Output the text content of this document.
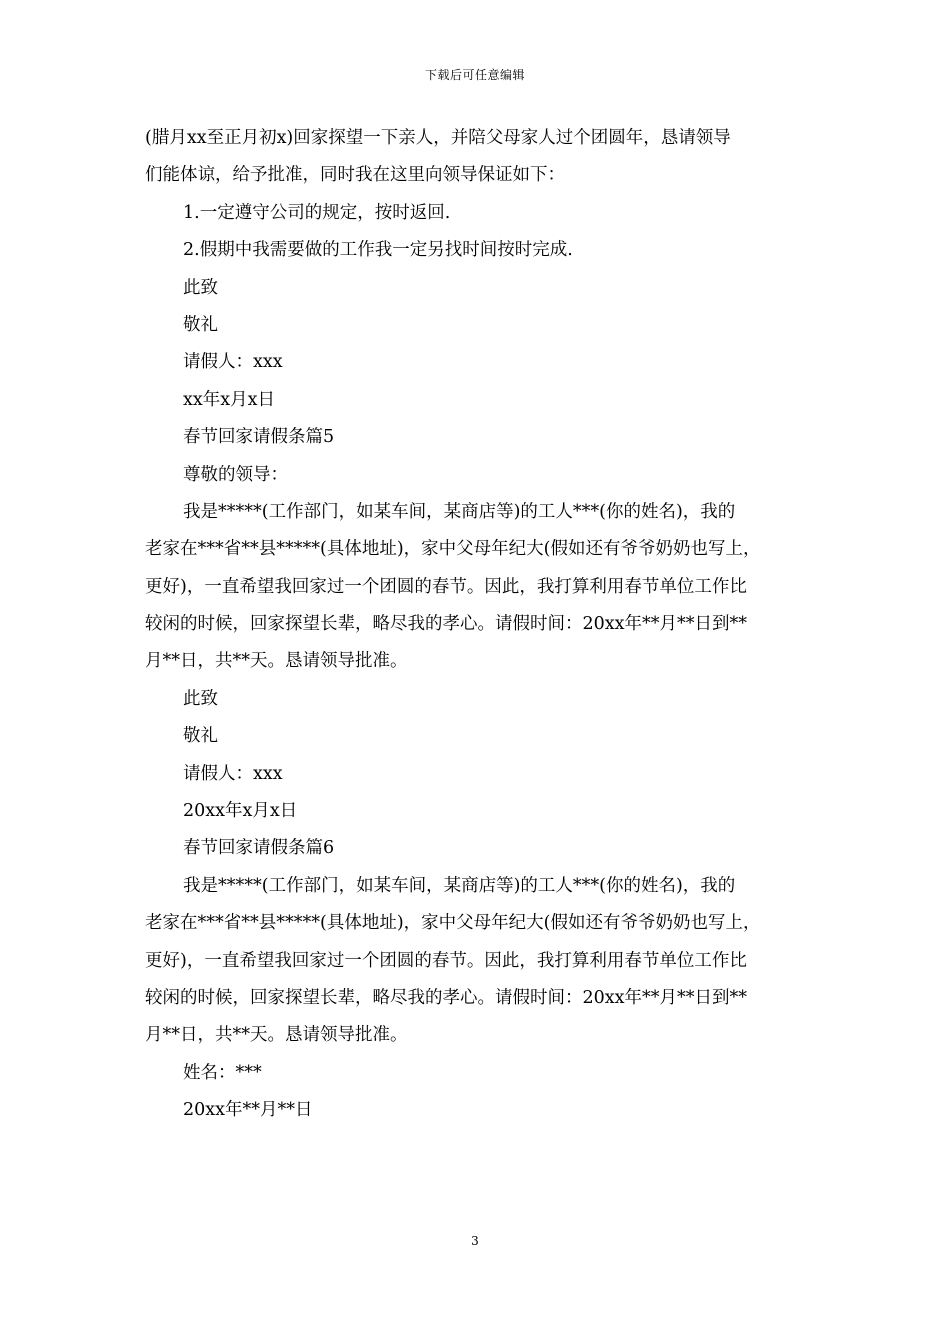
下载后可任意编辑
(腊月xx至正月初x)回家探望一下亲人，并陪父母家人过个团圆年，恳请领导
们能体谅，给予批准，同时我在这里向领导保证如下：
1.一定遵守公司的规定，按时返回.
2.假期中我需要做的工作我一定另找时间按时完成.
此致
敬礼
请假人：xxx
xx年x月x日
春节回家请假条篇5
尊敬的领导：
我是*****(工作部门，如某车间，某商店等)的工人***(你的姓名)，我的
老家在***省**县*****(具体地址)，家中父母年纪大(假如还有爷爷奶奶也写上，
更好)，一直希望我回家过一个团圆的春节。因此，我打算利用春节单位工作比
较闲的时候，回家探望长辈，略尽我的孝心。请假时间：20xx年**月**日到**
月**日，共**天。恳请领导批准。
此致
敬礼
请假人：xxx
20xx年x月x日
春节回家请假条篇6
我是*****(工作部门，如某车间，某商店等)的工人***(你的姓名)，我的
老家在***省**县*****(具体地址)，家中父母年纪大(假如还有爷爷奶奶也写上，
更好)，一直希望我回家过一个团圆的春节。因此，我打算利用春节单位工作比
较闲的时候，回家探望长辈，略尽我的孝心。请假时间：20xx年**月**日到**
月**日，共**天。恳请领导批准。
姓名：***
20xx年**月**日
3
